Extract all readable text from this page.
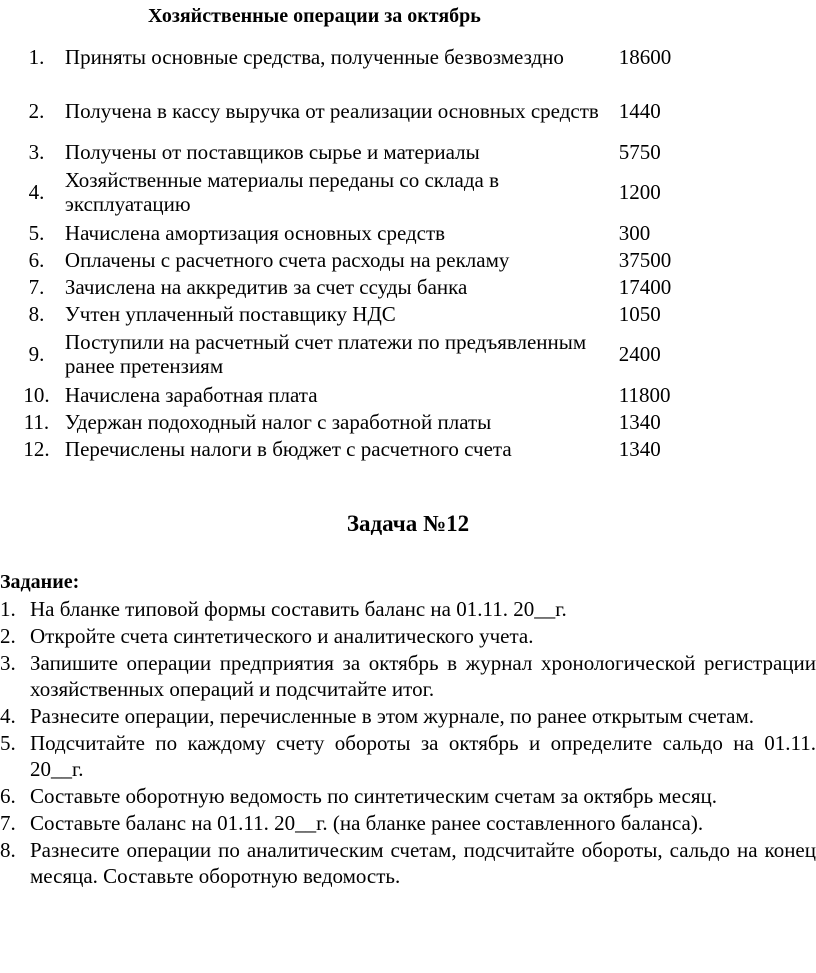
Хозяйственные операции за октябрь
1.	Приняты основные средства, полученные безвозмездно	18600
2.	Получена в кассу выручка от реализации основных средств	1440
3.	Получены от поставщиков сырье и материалы	5750
4.	Хозяйственные материалы переданы со склада в эксплуатацию	1200
5.	Начислена амортизация основных средств	300
6.	Оплачены с расчетного счета расходы на рекламу	37500
7.	Зачислена на аккредитив за счет ссуды банка	17400
8.	Учтен уплаченный поставщику НДС	1050
9.	Поступили на расчетный счет платежи по предъявленным ранее претензиям	2400
10.	Начислена заработная плата	11800
11.	Удержан подоходный налог с заработной платы	1340
12.	Перечислены налоги в бюджет с расчетного счета	1340
Задача №12

Задание:

1. На бланке типовой формы составить баланс на 01.11. 20__г.
2. Откройте счета синтетического и аналитического учета.
3. Запишите операции предприятия за октябрь в журнал хронологической регистрации хозяйственных операций и подсчитайте итог.
4. Разнесите операции, перечисленные в этом журнале, по ранее открытым счетам.
5. Подсчитайте по каждому счету обороты за октябрь и определите сальдо на 01.11. 20__г.
6. Составьте оборотную ведомость по синтетическим счетам за октябрь месяц.
7. Составьте баланс на 01.11. 20__г. (на бланке ранее составленного баланса).
8. Разнесите операции по аналитическим счетам, подсчитайте обороты, сальдо на конец месяца. Составьте оборотную ведомость.
